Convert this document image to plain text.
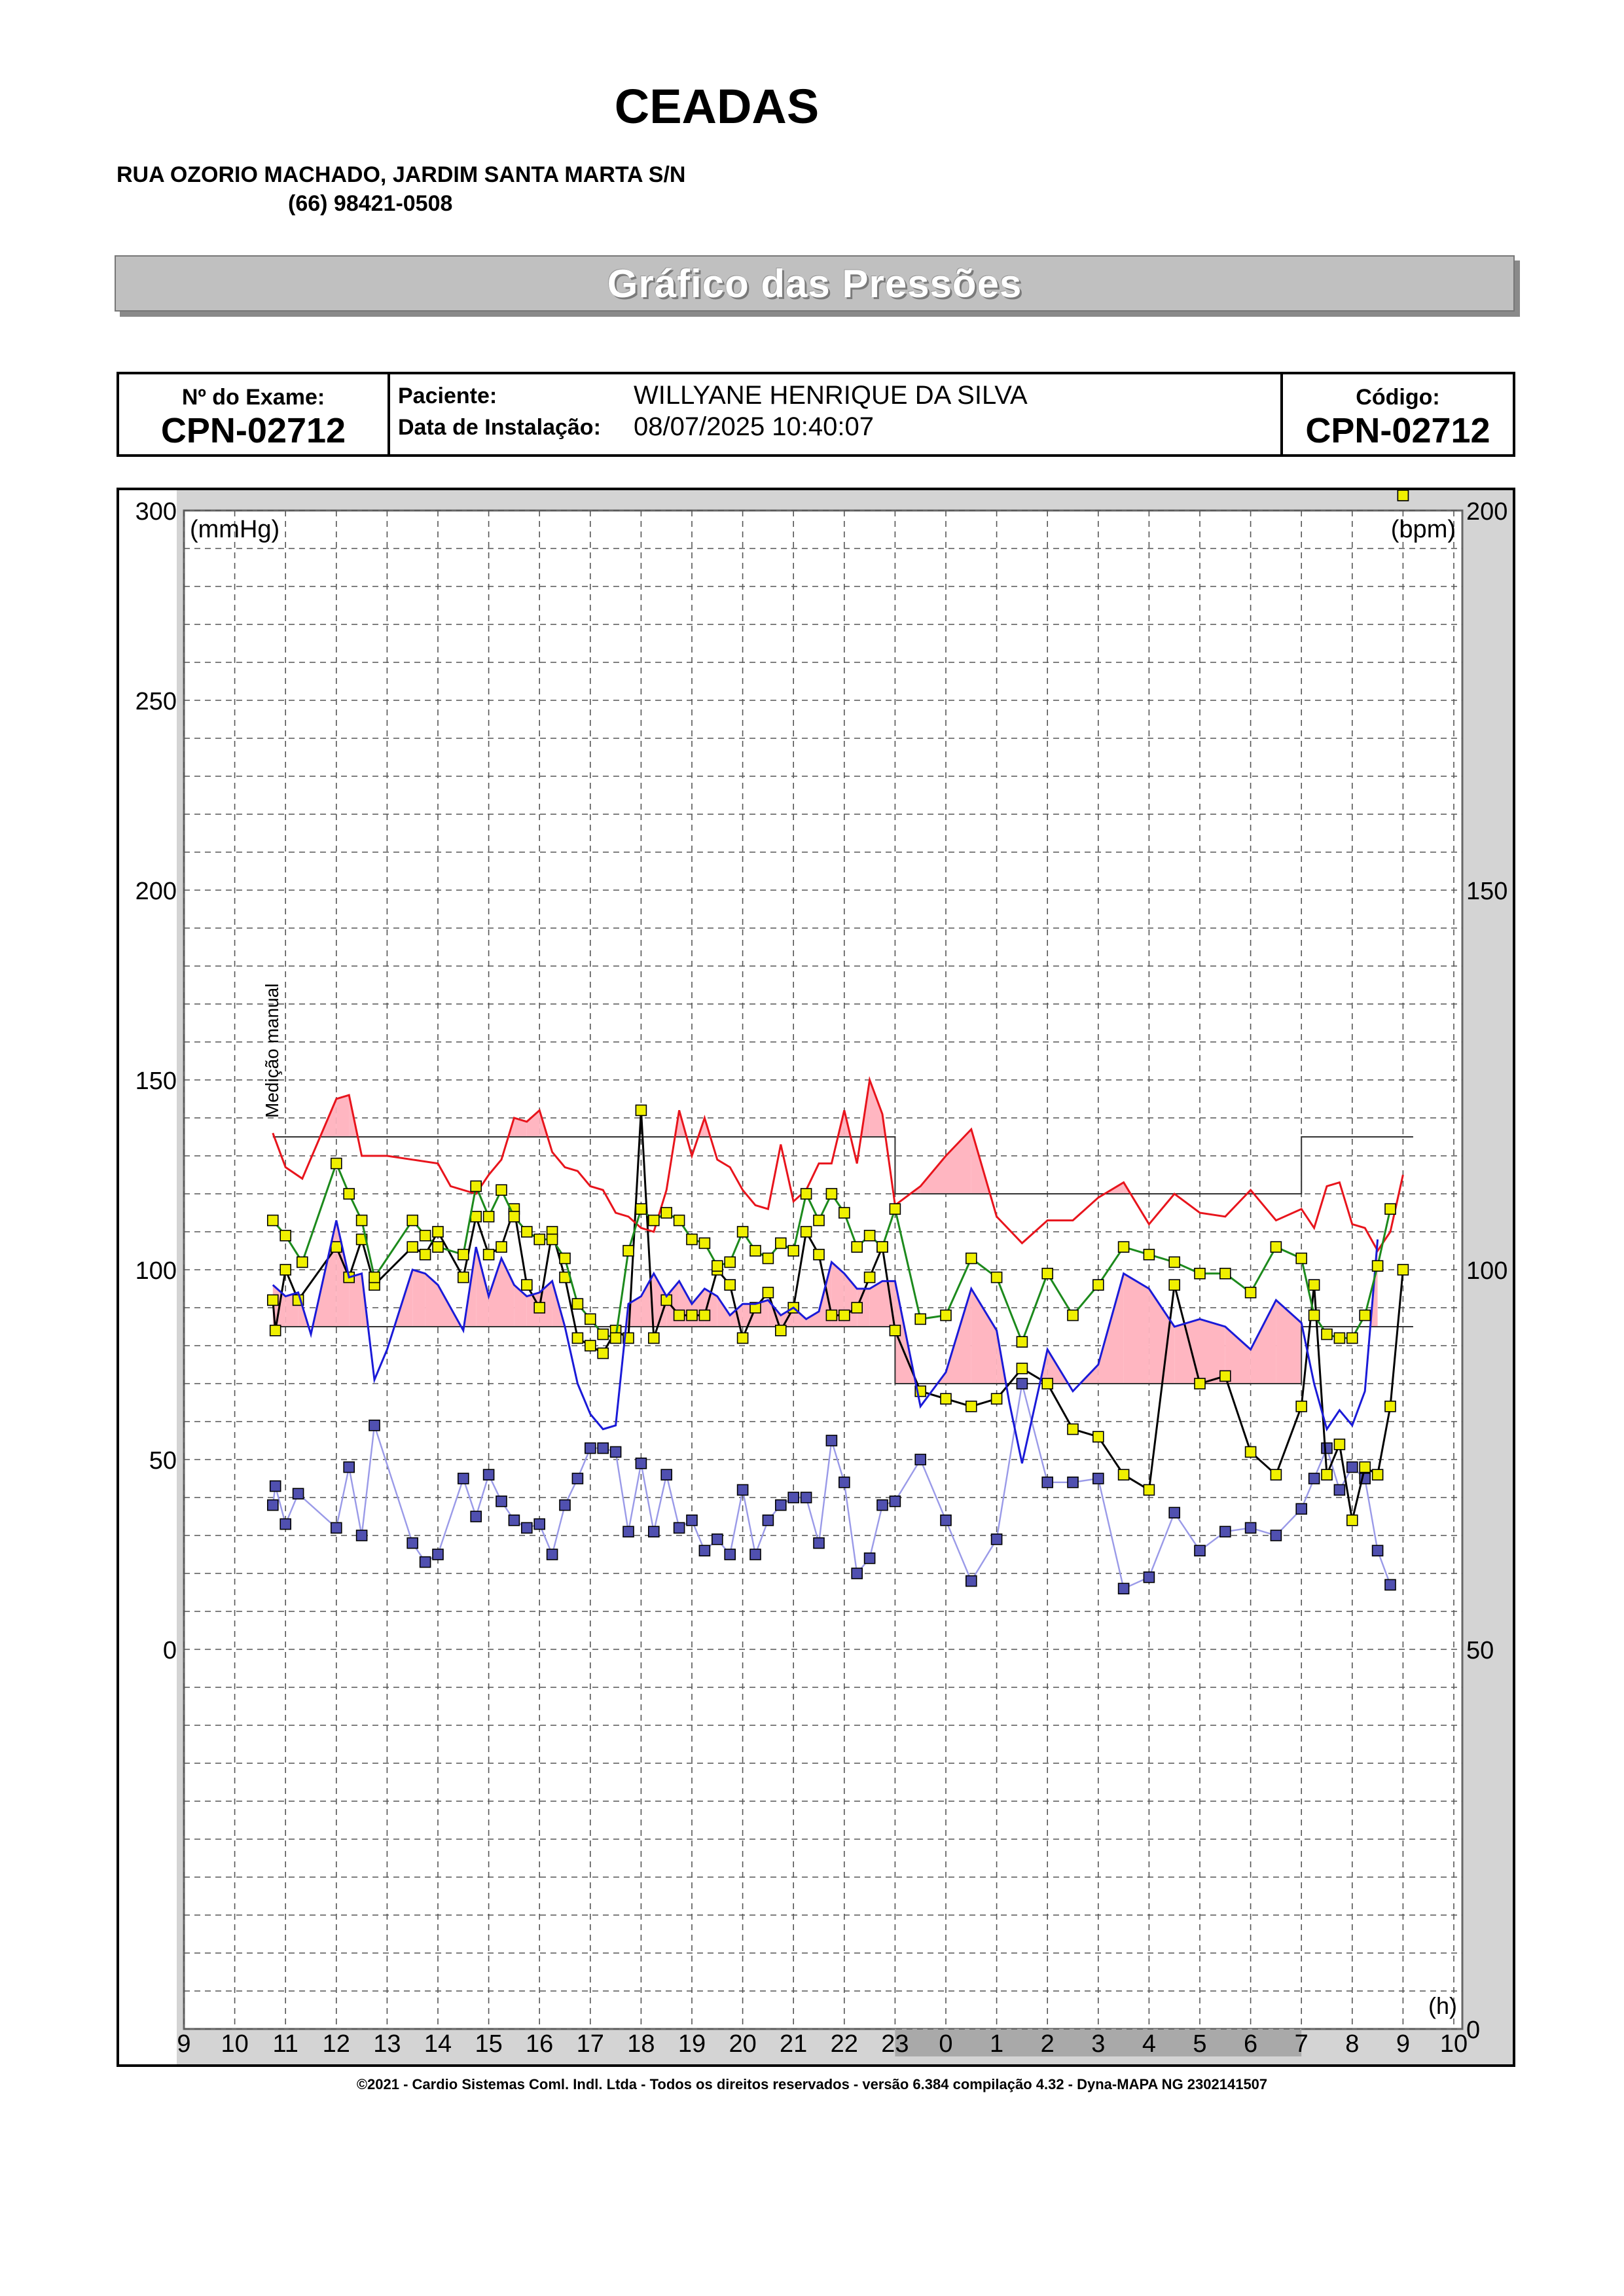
CEADAS
RUA OZORIO MACHADO, JARDIM SANTA MARTA S/N
(66) 98421-0508
Gráfico das Pressões
Nº do Exame:
CPN-02712
Paciente:	WILLYANE HENRIQUE DA SILVA
Data de Instalação: 08/07/2025 10:40:07
Código:
CPN-02712
300
250
200
150
100
50
0
200
150
100
50
0
9 10 11 12 13 14 15 16 17 18 19 20 21 22 23 0 1 2 3 4 5 6 7 8 9 10
(mmHg)	(bpm)
(h)
Medição manual
©2021 - Cardio Sistemas Coml. Indl. Ltda - Todos os direitos reservados - versão 6.384 compilação 4.32 - Dyna-MAPA NG 2302141507
